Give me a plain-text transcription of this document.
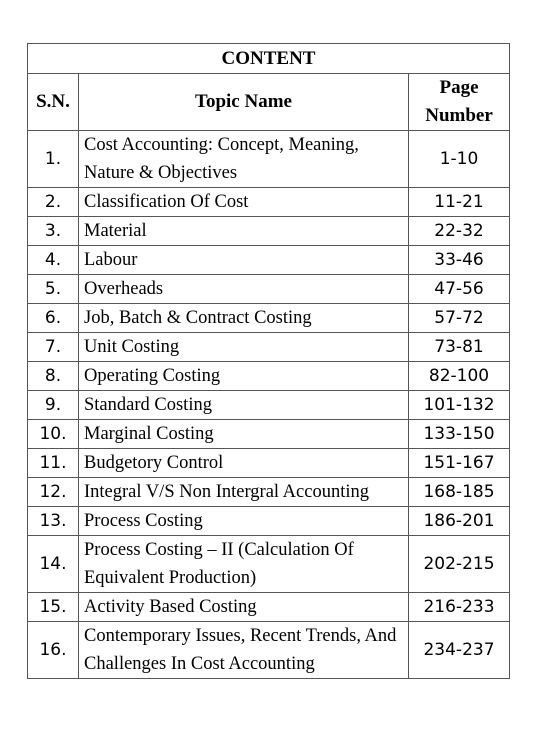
CONTENT		
S.N.	Topic Name	Page
Number

1.	Cost Accounting: Concept, Meaning,
Nature & Objectives	1-10
2.	Classification Of Cost	11-21
3.	Material	22-32
4.	Labour	33-46
5.	Overheads	47-56
6.	Job, Batch & Contract Costing	57-72
7.	Unit Costing	73-81
8.	Operating Costing	82-100
9.	Standard Costing	101-132
10.	Marginal Costing	133-150
11.	Budgetory Control	151-167
12.	Integral V/S Non Intergral Accounting	168-185
13.	Process Costing	186-201
14.	Process Costing – II (Calculation Of
Equivalent Production)	202-215
15.	Activity Based Costing	216-233
16.	Contemporary Issues, Recent Trends, And
Challenges In Cost Accounting	234-237
